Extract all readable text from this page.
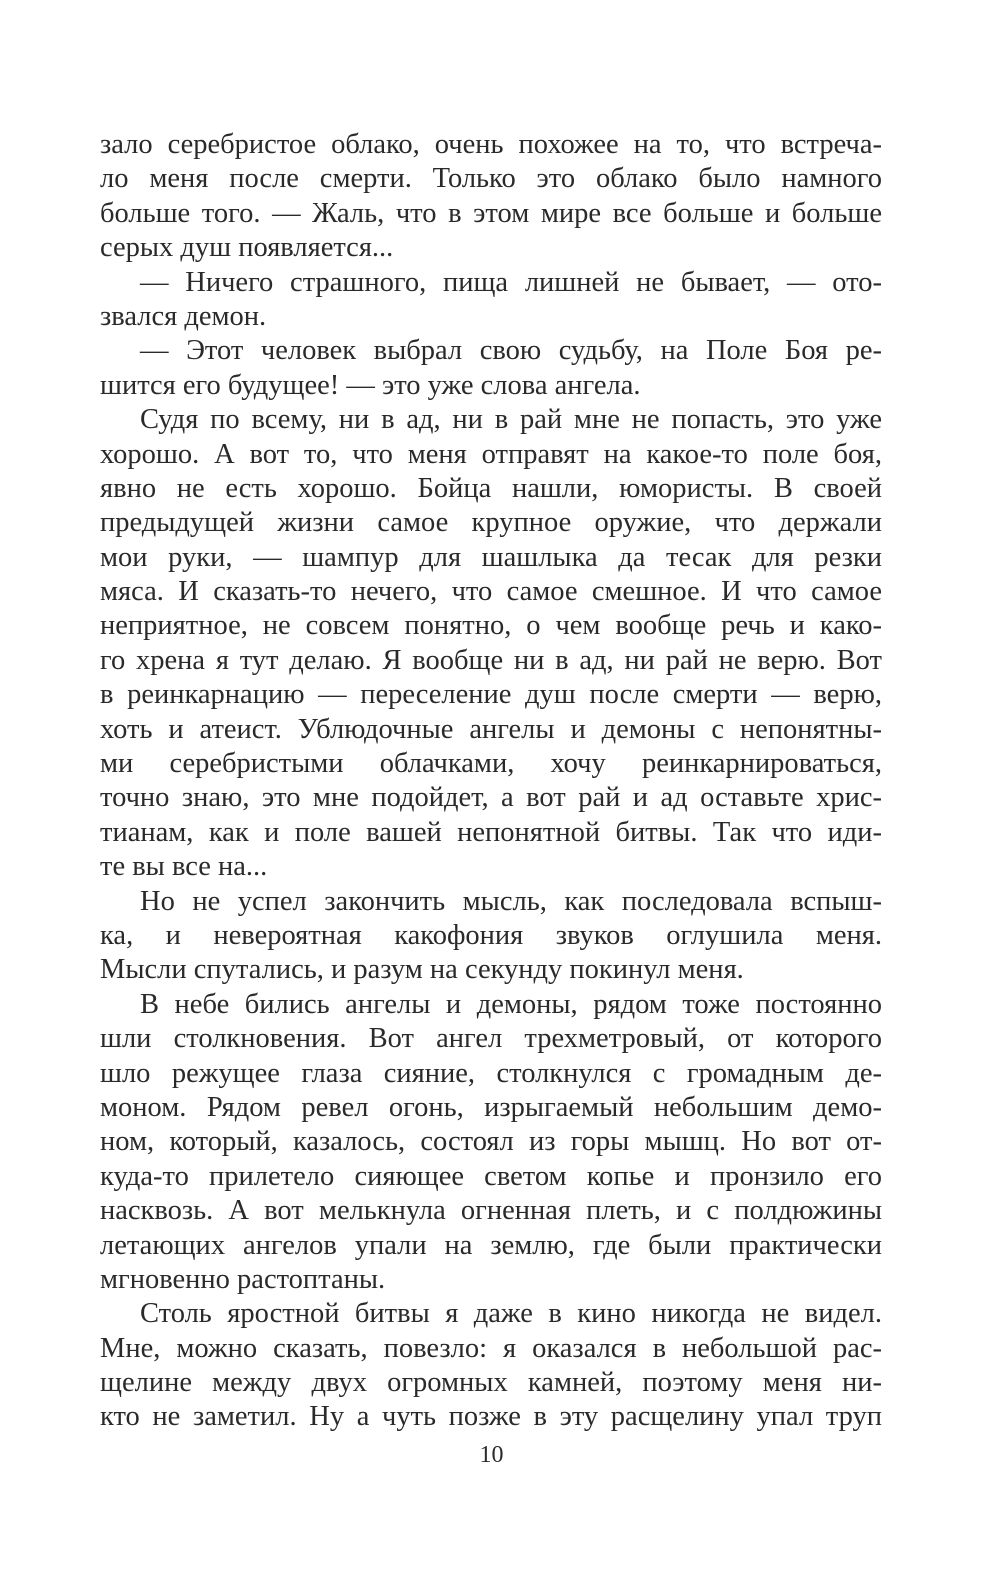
зало серебристое облако, очень похожее на то, что встреча-
ло меня после смерти. Только это облако было намного
больше того. — Жаль, что в этом мире все больше и больше
серых душ появляется...
— Ничего страшного, пища лишней не бывает, — ото-
звался демон.
— Этот человек выбрал свою судьбу, на Поле Боя ре-
шится его будущее! — это уже слова ангела.
Судя по всему, ни в ад, ни в рай мне не попасть, это уже
хорошо. А вот то, что меня отправят на какое-то поле боя,
явно не есть хорошо. Бойца нашли, юмористы. В своей
предыдущей жизни самое крупное оружие, что держали
мои руки, — шампур для шашлыка да тесак для резки
мяса. И сказать-то нечего, что самое смешное. И что самое
неприятное, не совсем понятно, о чем вообще речь и како-
го хрена я тут делаю. Я вообще ни в ад, ни рай не верю. Вот
в реинкарнацию — переселение душ после смерти — верю,
хоть и атеист. Ублюдочные ангелы и демоны с непонятны-
ми серебристыми облачками, хочу реинкарнироваться,
точно знаю, это мне подойдет, а вот рай и ад оставьте хрис-
тианам, как и поле вашей непонятной битвы. Так что иди-
те вы все на...
Но не успел закончить мысль, как последовала вспыш-
ка, и невероятная какофония звуков оглушила меня.
Мысли спутались, и разум на секунду покинул меня.
В небе бились ангелы и демоны, рядом тоже постоянно
шли столкновения. Вот ангел трехметровый, от которого
шло режущее глаза сияние, столкнулся с громадным де-
моном. Рядом ревел огонь, изрыгаемый небольшим демо-
ном, который, казалось, состоял из горы мышц. Но вот от-
куда-то прилетело сияющее светом копье и пронзило его
насквозь. А вот мелькнула огненная плеть, и с полдюжины
летающих ангелов упали на землю, где были практически
мгновенно растоптаны.
Столь яростной битвы я даже в кино никогда не видел.
Мне, можно сказать, повезло: я оказался в небольшой рас-
щелине между двух огромных камней, поэтому меня ни-
кто не заметил. Ну а чуть позже в эту расщелину упал труп
10
